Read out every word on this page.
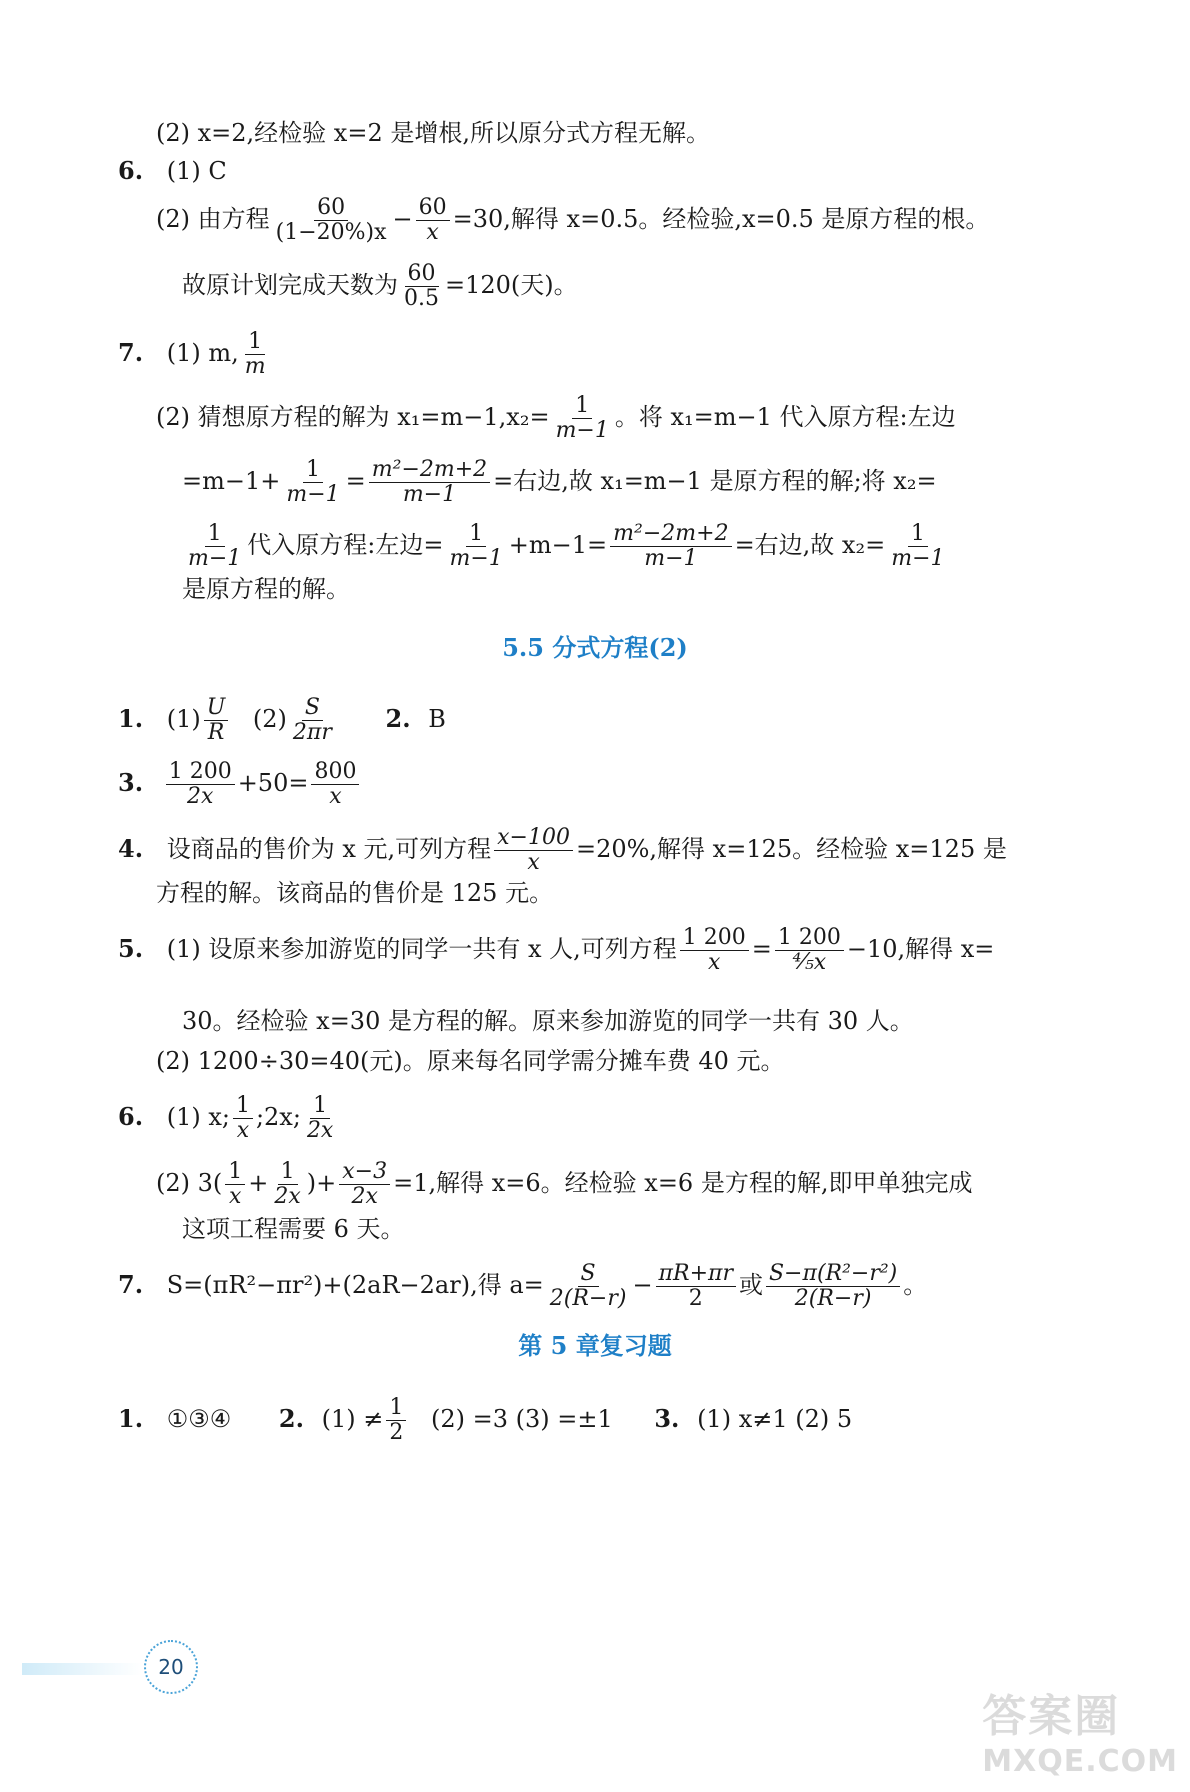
(2) x=2,经检验 x=2 是增根,所以原分式方程无解。
6. (1) C
(2) 由方程 $\frac{60}{(1-20\%)x} - \frac{60}{x} =30$,解得 x=0.5。经检验,x=0.5 是原方程的根。
故原计划完成天数为 $\frac{60}{0.5} =120$(天)。
7. (1) m, $\frac{1}{m}$
(2) 猜想原方程的解为 $x_1=m-1,x_2= \frac{1}{m-1}$ 。将 x₁=m−1 代入原方程:左边
$=m-1+ \frac{1}{m-1} = \frac{\text{m²−2m+2}}{m-1}$ =右边,故 x₁=m−1 是原方程的解;将 x₂=
$\frac{1}{m-1}$ 代入原方程:左边= $\frac{1}{m-1} +m-1= \frac{\text{m²−2m+2}}{m-1}$ =右边,故 $x_2= \frac{1}{m-1}$
是原方程的解。
5.5 分式方程(2)
1. $(1) \frac{U}{R} (2) \frac{S}{2\pi r} 2$. B
3. $\frac{1 200}{2x} +50= \frac{800}{x}$
4. 设商品的售价为 x 元,可列方程 $\frac{x-100}{x} =20\%$,解得 x=125。经检验 x=125 是
方程的解。该商品的售价是 125 元。
5. (1) 设原来参加游览的同学一共有 x 人,可列方程 $\frac{1 200}{x} = \frac{1 200}{\text{⁴⁄₅x}} -10$,解得 x=
30。经检验 x=30 是方程的解。原来参加游览的同学一共有 30 人。
(2) 1200÷30=40(元)。原来每名同学需分摊车费 40 元。
6. (1) x; $\frac{1}{x}$ ;2x; $\frac{1}{2x}$
(2) $3( \frac{1}{x} + \frac{1}{2x}$ )+ $\frac{x-3}{2x} =1$,解得 x=6。经检验 x=6 是方程的解,即甲单独完成
这项工程需要 6 天。
7. S=(πR²−πr²)+(2aR−2ar),得 $a= \frac{S}{2(R-r)} - \frac{\pi R+\pi r}{2}$ 或 $\frac{\text{S−π(R²−r²)}}{2(R-r)}$ 。
第 5 章复习题
1. ①③④ 2. $(1) \ne \frac{1}{2} (2) =3$ (3) =±1 3. (1) x≠1 (2) 5
20
答案圈
MXQE.COM
